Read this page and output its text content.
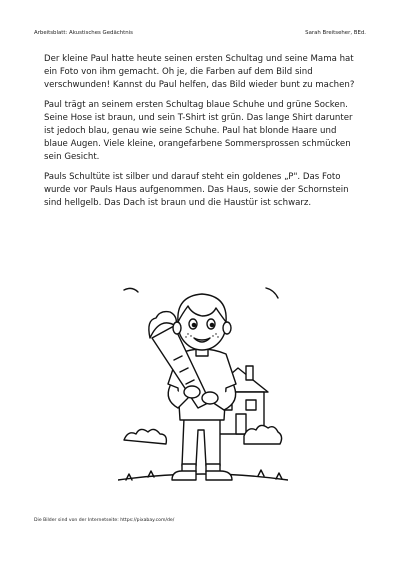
Arbeitsblatt: Akustisches Gedächtnis	Sarah Breitseher, BEd.

Der kleine Paul hatte heute seinen ersten Schultag und seine Mama hat ein Foto von ihm gemacht. Oh je, die Farben auf dem Bild sind verschwunden! Kannst du Paul helfen, das Bild wieder bunt zu machen?

Paul trägt an seinem ersten Schultag blaue Schuhe und grüne Socken. Seine Hose ist braun, und sein T-Shirt ist grün. Das lange Shirt darunter ist jedoch blau, genau wie seine Schuhe. Paul hat blonde Haare und blaue Augen. Viele kleine, orangefarbene Sommersprossen schmücken sein Gesicht.

Pauls Schultüte ist silber und darauf steht ein goldenes „P". Das Foto wurde vor Pauls Haus aufgenommen. Das Haus, sowie der Schornstein sind hellgelb. Das Dach ist braun und die Haustür ist schwarz.

Die Bilder sind von der Internetseite: https://pixabay.com/de/
